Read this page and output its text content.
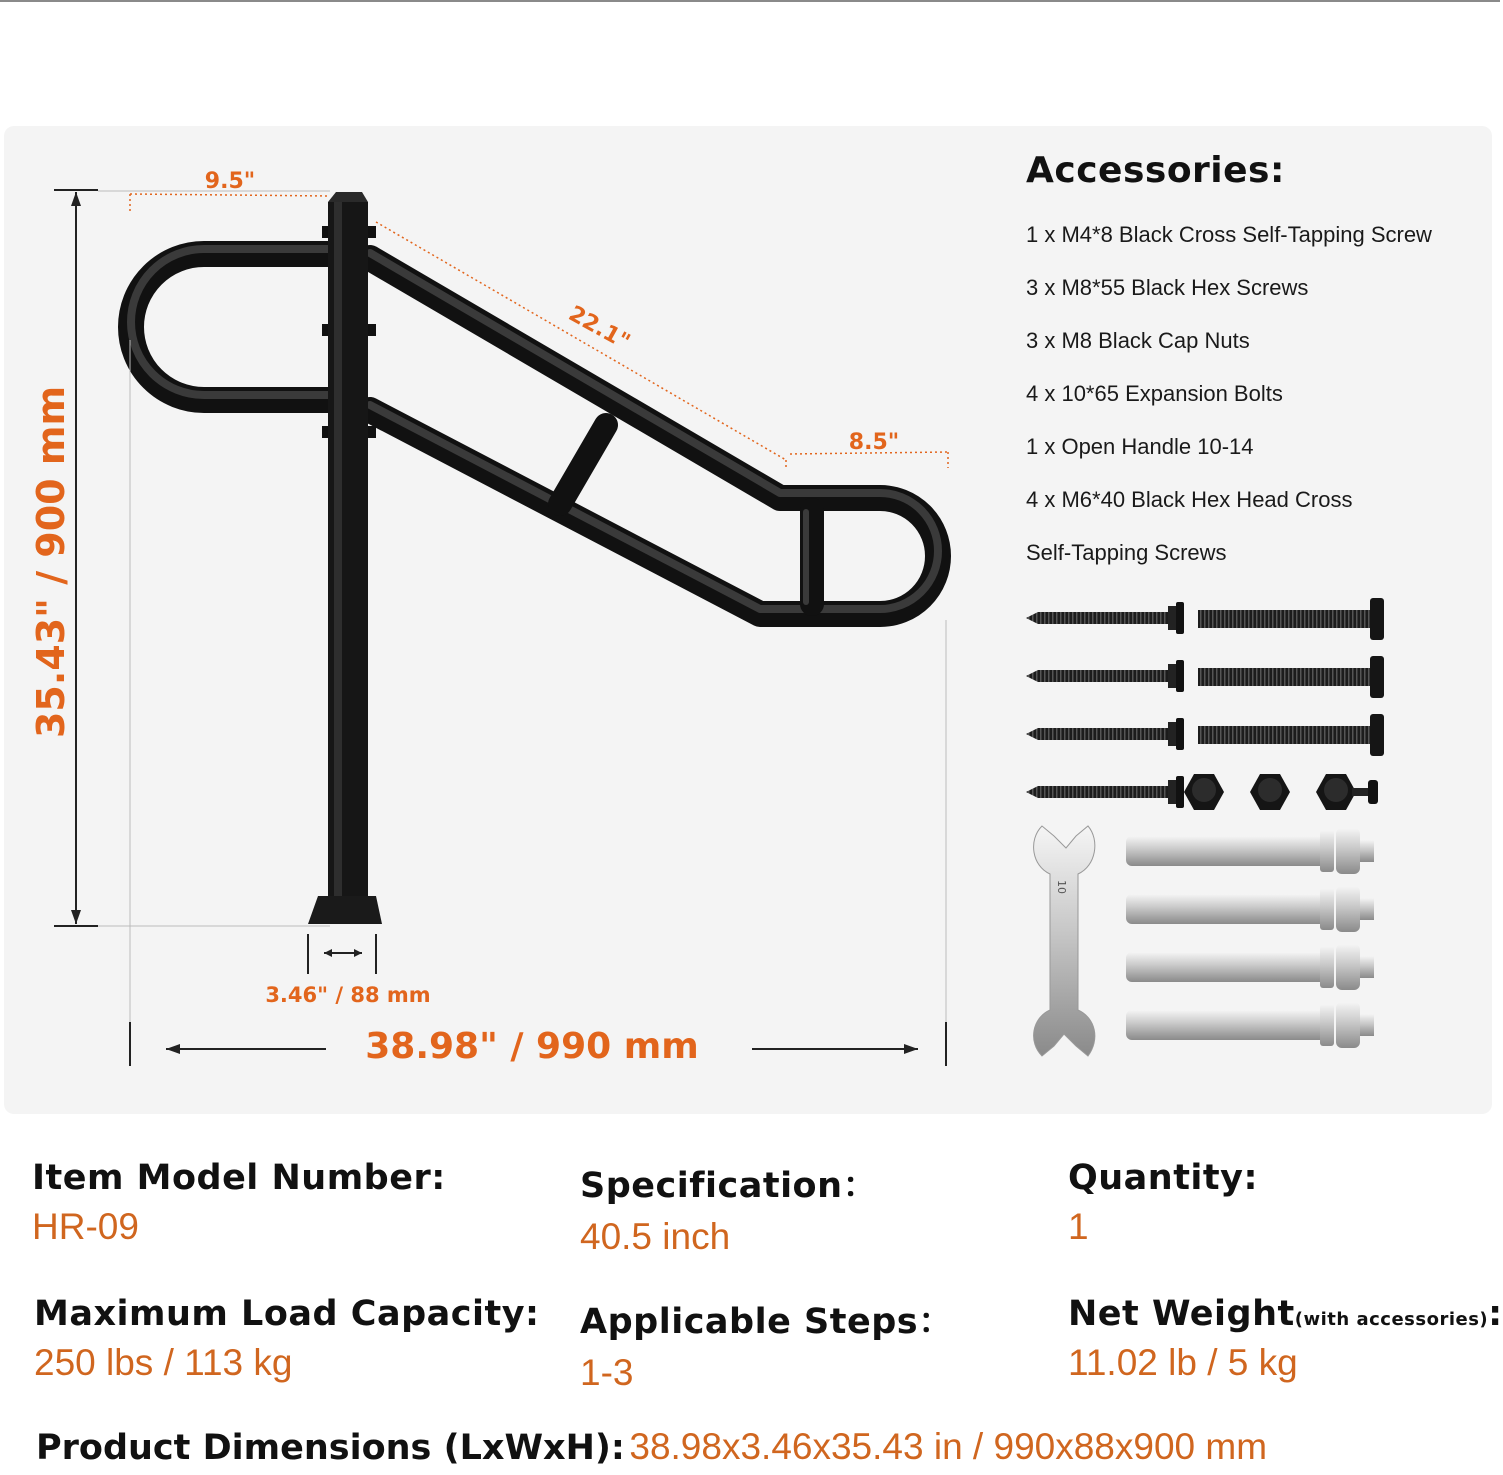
35.43" / 900 mm
9.5"
22.1"
8.5"
3.46" / 88 mm
38.98" / 990 mm
Accessories:
1 x M4*8 Black Cross Self-Tapping Screw
3 x M8*55 Black Hex Screws
3 x M8 Black Cap Nuts
4 x 10*65 Expansion Bolts
1 x Open Handle 10-14
4 x M6*40 Black Hex Head Cross
Self-Tapping Screws
10
Item Model Number:
HR-09
Specification：
40.5 inch
Quantity:
1
Maximum Load Capacity:
250 lbs / 113 kg
Applicable Steps：
1-3
Net Weight(with accessories):
11.02 lb / 5 kg
Product Dimensions (LxWxH): 38.98x3.46x35.43 in / 990x88x900 mm
